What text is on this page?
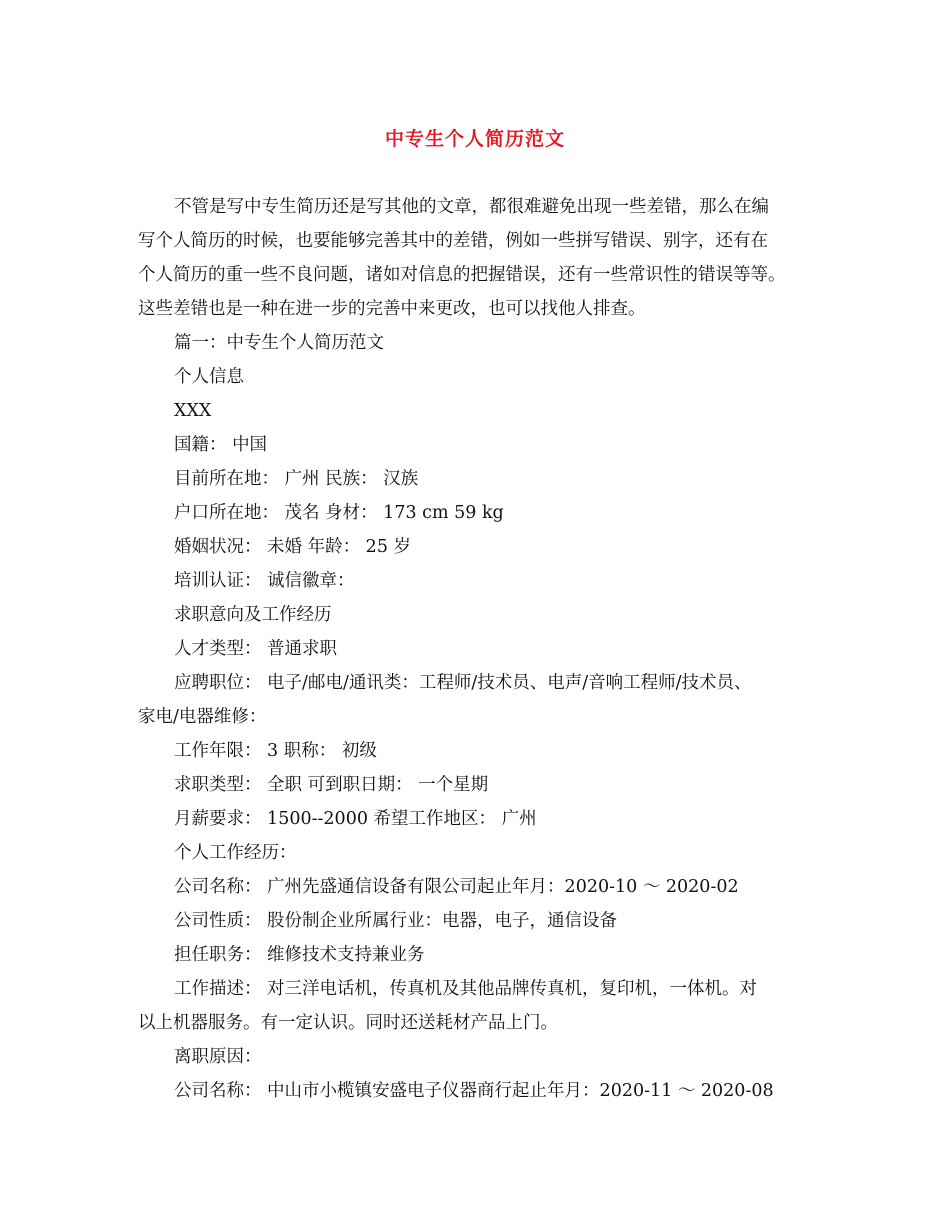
中专生个人简历范文

不管是写中专生简历还是写其他的文章，都很难避免出现一些差错，那么在编

写个人简历的时候，也要能够完善其中的差错，例如一些拼写错误、别字，还有在

个人简历的重一些不良问题，诸如对信息的把握错误，还有一些常识性的错误等等。

这些差错也是一种在进一步的完善中来更改，也可以找他人排查。

篇一：中专生个人简历范文

个人信息

XXX

国籍： 中国

目前所在地： 广州 民族： 汉族

户口所在地： 茂名 身材： 173 cm 59 kg

婚姻状况： 未婚 年龄： 25 岁

培训认证： 诚信徽章：

求职意向及工作经历

人才类型： 普通求职

应聘职位： 电子/邮电/通讯类：工程师/技术员、电声/音响工程师/技术员、

家电/电器维修：

工作年限： 3 职称： 初级

求职类型： 全职 可到职日期： 一个星期

月薪要求： 1500--2000 希望工作地区： 广州

个人工作经历：

公司名称： 广州先盛通信设备有限公司起止年月：2020-10 ～ 2020-02

公司性质： 股份制企业所属行业：电器，电子，通信设备

担任职务： 维修技术支持兼业务

工作描述： 对三洋电话机，传真机及其他品牌传真机，复印机，一体机。对

以上机器服务。有一定认识。同时还送耗材产品上门。

离职原因：

公司名称： 中山市小榄镇安盛电子仪器商行起止年月：2020-11 ～ 2020-08
